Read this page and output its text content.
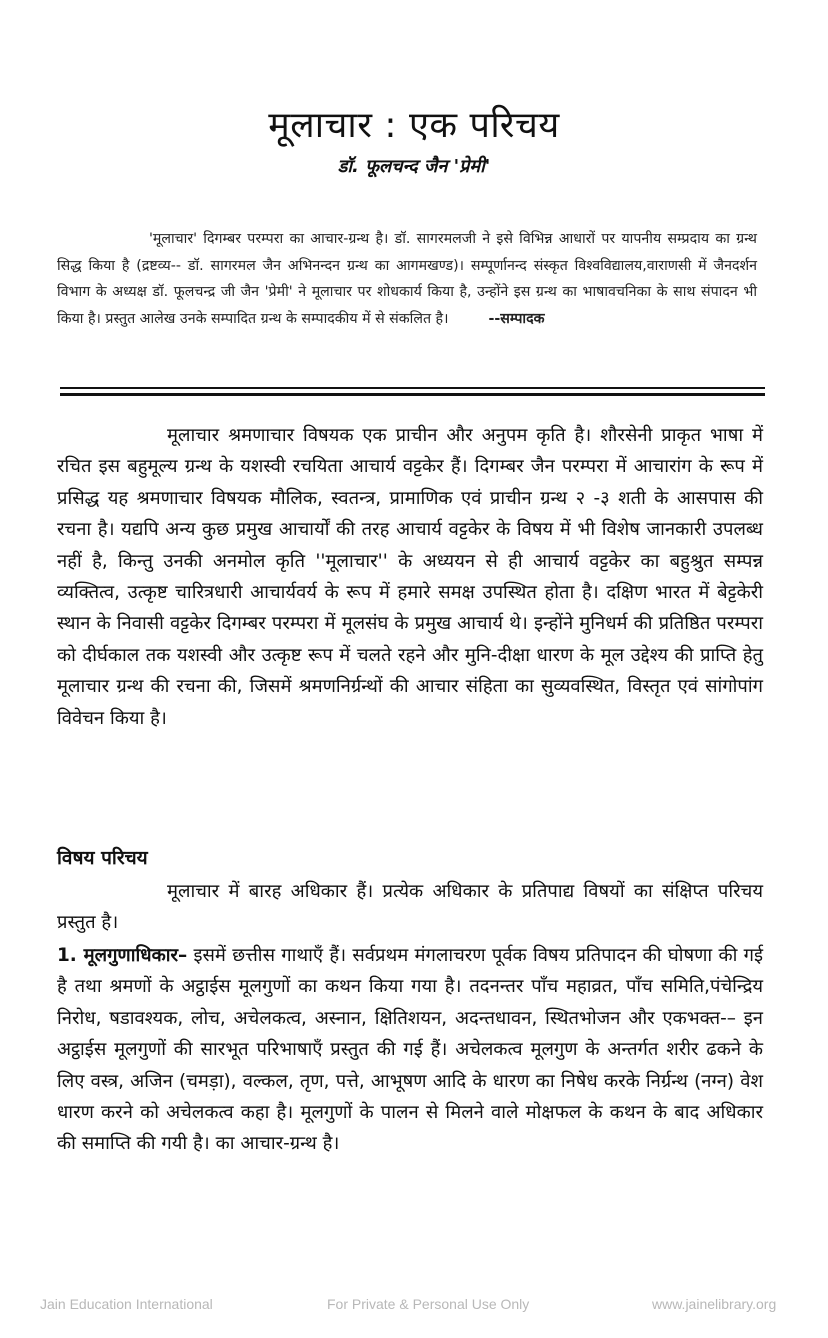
मूलाचार : एक परिचय
डॉ. फूलचन्द जैन 'प्रेमी'
'मूलाचार' दिगम्बर परम्परा का आचार-ग्रन्थ है। डॉ. सागरमलजी ने इसे विभिन्न आधारों पर यापनीय सम्प्रदाय का ग्रन्थ सिद्ध किया है (द्रष्टव्य-- डॉ. सागरमल जैन अभिनन्दन ग्रन्थ का आगमखण्ड)। सम्पूर्णानन्द संस्कृत विश्वविद्यालय,वाराणसी में जैनदर्शन विभाग के अध्यक्ष डॉ. फूलचन्द्र जी जैन 'प्रेमी' ने मूलाचार पर शोधकार्य किया है, उन्होंने इस ग्रन्थ का भाषावचनिका के साथ संपादन भी किया है। प्रस्तुत आलेख उनके सम्पादित ग्रन्थ के सम्पादकीय में से संकलित है।	--सम्पादक
मूलाचार श्रमणाचार विषयक एक प्राचीन और अनुपम कृति है। शौरसेनी प्राकृत भाषा में रचित इस बहुमूल्य ग्रन्थ के यशस्वी रचयिता आचार्य वट्टकेर हैं। दिगम्बर जैन परम्परा में आचारांग के रूप में प्रसिद्ध यह श्रमणाचार विषयक मौलिक, स्वतन्त्र, प्रामाणिक एवं प्राचीन ग्रन्थ २ -३ शती के आसपास की रचना है। यद्यपि अन्य कुछ प्रमुख आचार्यों की तरह आचार्य वट्टकेर के विषय में भी विशेष जानकारी उपलब्ध नहीं है, किन्तु उनकी अनमोल कृति ''मूलाचार'' के अध्ययन से ही आचार्य वट्टकेर का बहुश्रुत सम्पन्न व्यक्तित्व, उत्कृष्ट चारित्रधारी आचार्यवर्य के रूप में हमारे समक्ष उपस्थित होता है। दक्षिण भारत में बेट्टकेरी स्थान के निवासी वट्टकेर दिगम्बर परम्परा में मूलसंघ के प्रमुख आचार्य थे। इन्होंने मुनिधर्म की प्रतिष्ठित परम्परा को दीर्घकाल तक यशस्वी और उत्कृष्ट रूप में चलते रहने और मुनि-दीक्षा धारण के मूल उद्देश्य की प्राप्ति हेतु मूलाचार ग्रन्थ की रचना की, जिसमें श्रमणनिर्ग्रन्थों की आचार संहिता का सुव्यवस्थित, विस्तृत एवं सांगोपांग विवेचन किया है।
विषय परिचय
मूलाचार में बारह अधिकार हैं। प्रत्येक अधिकार के प्रतिपाद्य विषयों का संक्षिप्त परिचय प्रस्तुत है।
1. मूलगुणाधिकार– इसमें छत्तीस गाथाएँ हैं। सर्वप्रथम मंगलाचरण पूर्वक विषय प्रतिपादन की घोषणा की गई है तथा श्रमणों के अट्ठाईस मूलगुणों का कथन किया गया है। तदनन्तर पाँच महाव्रत, पाँच समिति,पंचेन्द्रिय निरोध, षडावश्यक, लोच, अचेलकत्व, अस्नान, क्षितिशयन, अदन्तधावन, स्थितभोजन और एकभक्त-– इन अट्ठाईस मूलगुणों की सारभूत परिभाषाएँ प्रस्तुत की गई हैं। अचेलकत्व मूलगुण के अन्तर्गत शरीर ढकने के लिए वस्त्र, अजिन (चमड़ा), वल्कल, तृण, पत्ते, आभूषण आदि के धारण का निषेध करके निर्ग्रन्थ (नग्न) वेश धारण करने को अचेलकत्व कहा है। मूलगुणों के पालन से मिलने वाले मोक्षफल के कथन के बाद अधिकार की समाप्ति की गयी है। का आचार-ग्रन्थ है।
Jain Education International	For Private & Personal Use Only	www.jainelibrary.org
